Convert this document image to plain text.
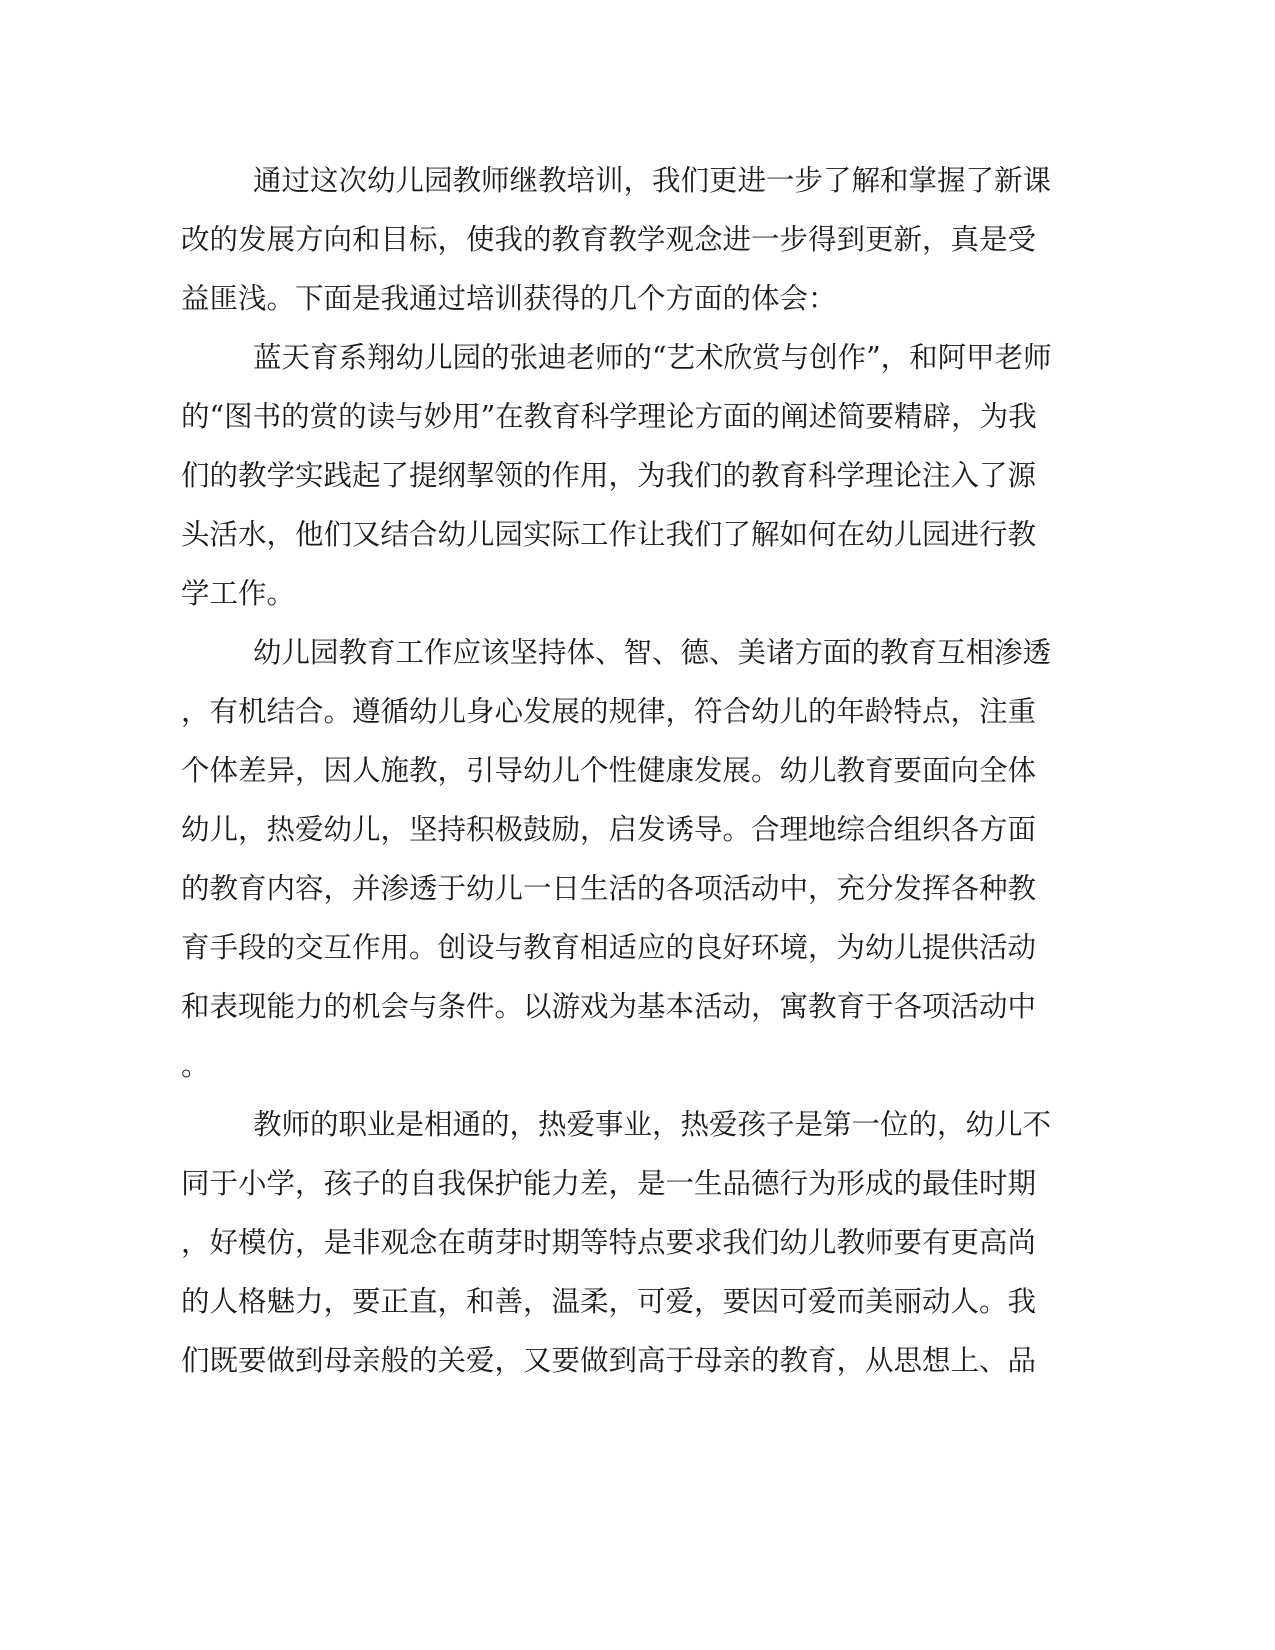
通过这次幼儿园教师继教培训，我们更进一步了解和掌握了新课
改的发展方向和目标，使我的教育教学观念进一步得到更新，真是受
益匪浅。下面是我通过培训获得的几个方面的体会：
蓝天育系翔幼儿园的张迪老师的“艺术欣赏与创作”，和阿甲老师
的“图书的赏的读与妙用”在教育科学理论方面的阐述简要精辟，为我
们的教学实践起了提纲挈领的作用，为我们的教育科学理论注入了源
头活水，他们又结合幼儿园实际工作让我们了解如何在幼儿园进行教
学工作。
幼儿园教育工作应该坚持体、智、德、美诸方面的教育互相渗透
，有机结合。遵循幼儿身心发展的规律，符合幼儿的年龄特点，注重
个体差异，因人施教，引导幼儿个性健康发展。幼儿教育要面向全体
幼儿，热爱幼儿，坚持积极鼓励，启发诱导。合理地综合组织各方面
的教育内容，并渗透于幼儿一日生活的各项活动中，充分发挥各种教
育手段的交互作用。创设与教育相适应的良好环境，为幼儿提供活动
和表现能力的机会与条件。以游戏为基本活动，寓教育于各项活动中
。
教师的职业是相通的，热爱事业，热爱孩子是第一位的，幼儿不
同于小学，孩子的自我保护能力差，是一生品德行为形成的最佳时期
，好模仿，是非观念在萌芽时期等特点要求我们幼儿教师要有更高尚
的人格魅力，要正直，和善，温柔，可爱，要因可爱而美丽动人。我
们既要做到母亲般的关爱，又要做到高于母亲的教育，从思想上、品
